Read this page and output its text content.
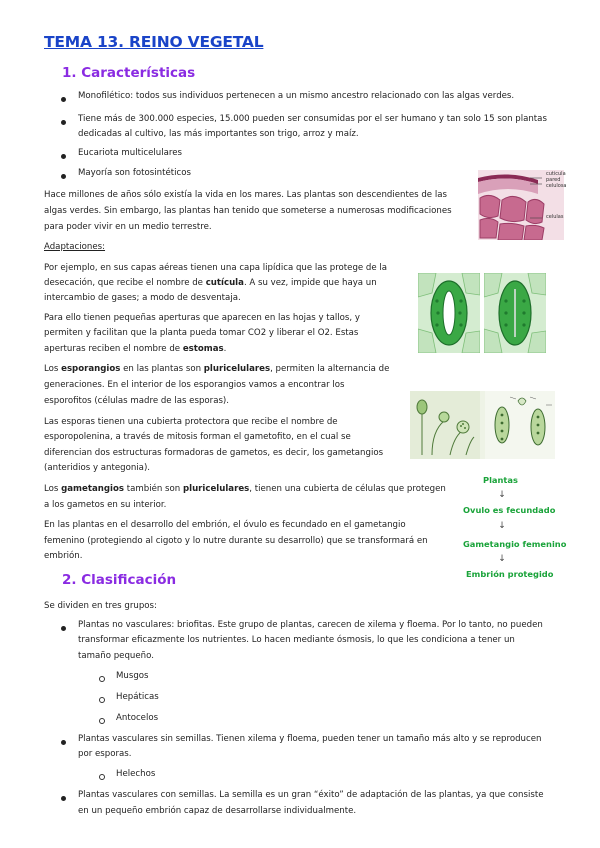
TEMA 13. REINO VEGETAL
1. Características
Monofilético: todos sus individuos pertenecen a un mismo ancestro relacionado con las algas verdes.
Tiene más de 300.000 especies, 15.000 pueden ser consumidas por el ser humano y tan solo 15 son plantas
dedicadas al cultivo, las más importantes son trigo, arroz y maíz.
Eucariota multicelulares
Mayoría son fotosintéticos
Hace millones de años sólo existía la vida en los mares. Las plantas son descendientes de las
algas verdes. Sin embargo, las plantas han tenido que someterse a numerosas modificaciones
para poder vivir en un medio terrestre.
cuticula
pared
celulosa
celulas
Adaptaciones:
Por ejemplo, en sus capas aéreas tienen una capa lipídica que las protege de la
desecación, que recibe el nombre de cutícula. A su vez, impide que haya un
intercambio de gases; a modo de desventaja.
Para ello tienen pequeñas aperturas que aparecen en las hojas y tallos, y
permiten y facilitan que la planta pueda tomar CO2 y liberar el O2. Estas
aperturas reciben el nombre de estomas.
Los esporangios en las plantas son pluricelulares, permiten la alternancia de
generaciones. En el interior de los esporangios vamos a encontrar los
esporofitos (células madre de las esporas).
Las esporas tienen una cubierta protectora que recibe el nombre de
esporopolenina, a través de mitosis forman el gametofito, en el cual se
diferencian dos estructuras formadoras de gametos, es decir, los gametangios
(anteridios y antegonia).
Los gametangios también son pluricelulares, tienen una cubierta de células que protegen
a los gametos en su interior.
En las plantas en el desarrollo del embrión, el óvulo es fecundado en el gametangio
femenino (protegiendo al cigoto y lo nutre durante su desarrollo) que se transformará en
embrión.
Plantas
↓
Ovulo es fecundado
↓
Gametangio femenino
↓
Embrión protegido
2. Clasificación
Se dividen en tres grupos:
Plantas no vasculares: briofitas. Este grupo de plantas, carecen de xilema y floema. Por lo tanto, no pueden
transformar eficazmente los nutrientes. Lo hacen mediante ósmosis, lo que les condiciona a tener un
tamaño pequeño.
Musgos
Hepáticas
Antocelos
Plantas vasculares sin semillas. Tienen xilema y floema, pueden tener un tamaño más alto y se reproducen
por esporas.
Helechos
Plantas vasculares con semillas. La semilla es un gran “éxito” de adaptación de las plantas, ya que consiste
en un pequeño embrión capaz de desarrollarse individualmente.
